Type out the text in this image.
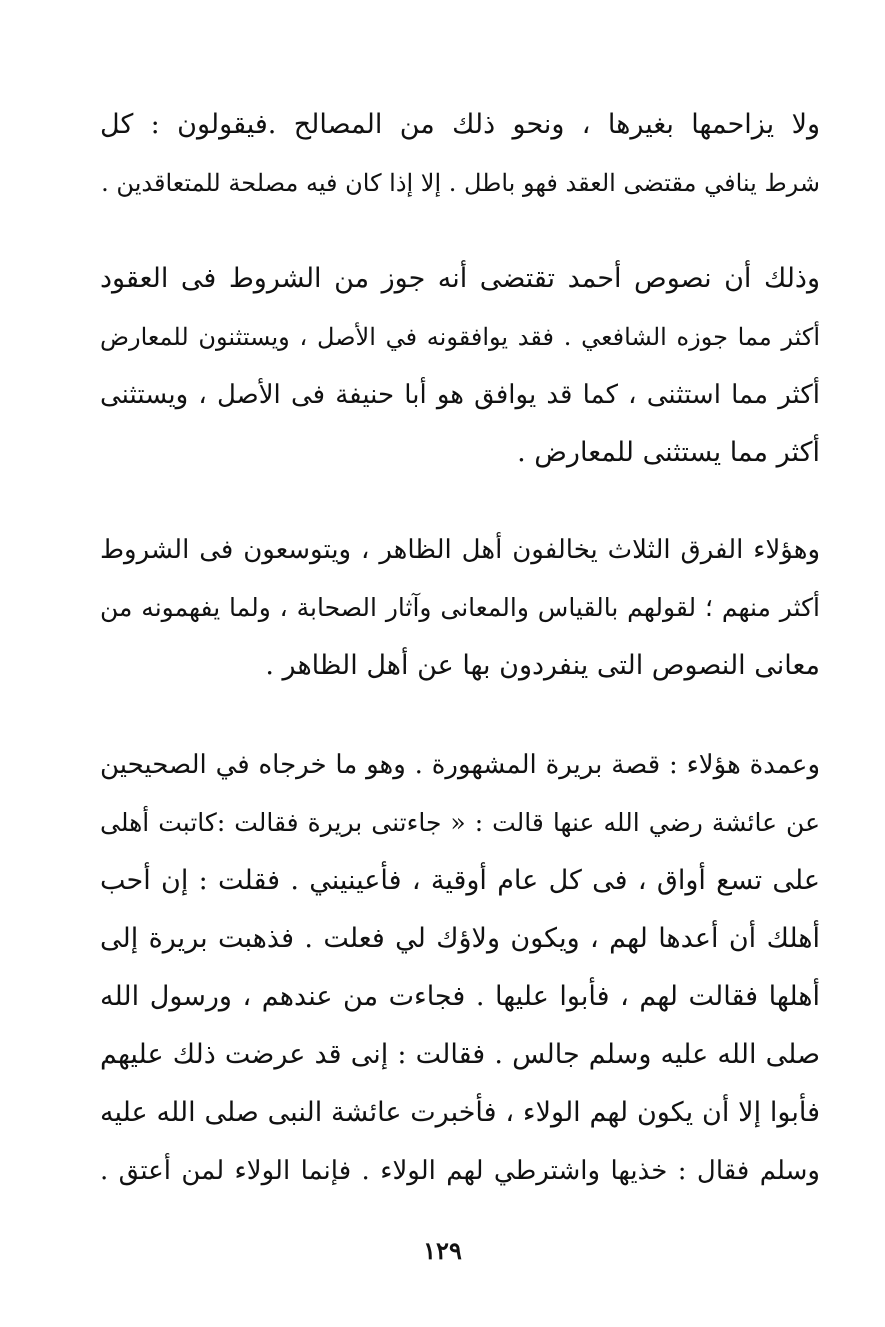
ولا يزاحمها بغيرها ، ونحو ذلك من المصالح .فيقولون : كل
شرط ينافي مقتضى العقد فهو باطل . إلا إذا كان فيه مصلحة للمتعاقدين .
وذلك أن نصوص أحمد تقتضى أنه جوز من الشروط فى العقود
أكثر مما جوزه الشافعي . فقد يوافقونه في الأصل ، ويستثنون للمعارض
أكثر مما استثنى ، كما قد يوافق هو أبا حنيفة فى الأصل ، ويستثنى
أكثر مما يستثنى للمعارض .
وهؤلاء الفرق الثلاث يخالفون أهل الظاهر ، ويتوسعون فى الشروط
أكثر منهم ؛ لقولهم بالقياس والمعانى وآثار الصحابة ، ولما يفهمونه من
معانى النصوص التى ينفردون بها عن أهل الظاهر .
وعمدة هؤلاء : قصة بريرة المشهورة . وهو ما خرجاه في الصحيحين
عن عائشة رضي الله عنها قالت : « جاءتنى بريرة فقالت :كاتبت أهلى
على تسع أواق ، فى كل عام أوقية ، فأعينيني . فقلت : إن أحب
أهلك أن أعدها لهم ، ويكون ولاؤك لي فعلت . فذهبت بريرة إلى
أهلها فقالت لهم ، فأبوا عليها . فجاءت من عندهم ، ورسول الله
صلى الله عليه وسلم جالس . فقالت : إنى قد عرضت ذلك عليهم
فأبوا إلا أن يكون لهم الولاء ، فأخبرت عائشة النبى صلى الله عليه
وسلم فقال : خذيها واشترطي لهم الولاء . فإنما الولاء لمن أعتق .
١٢٩
